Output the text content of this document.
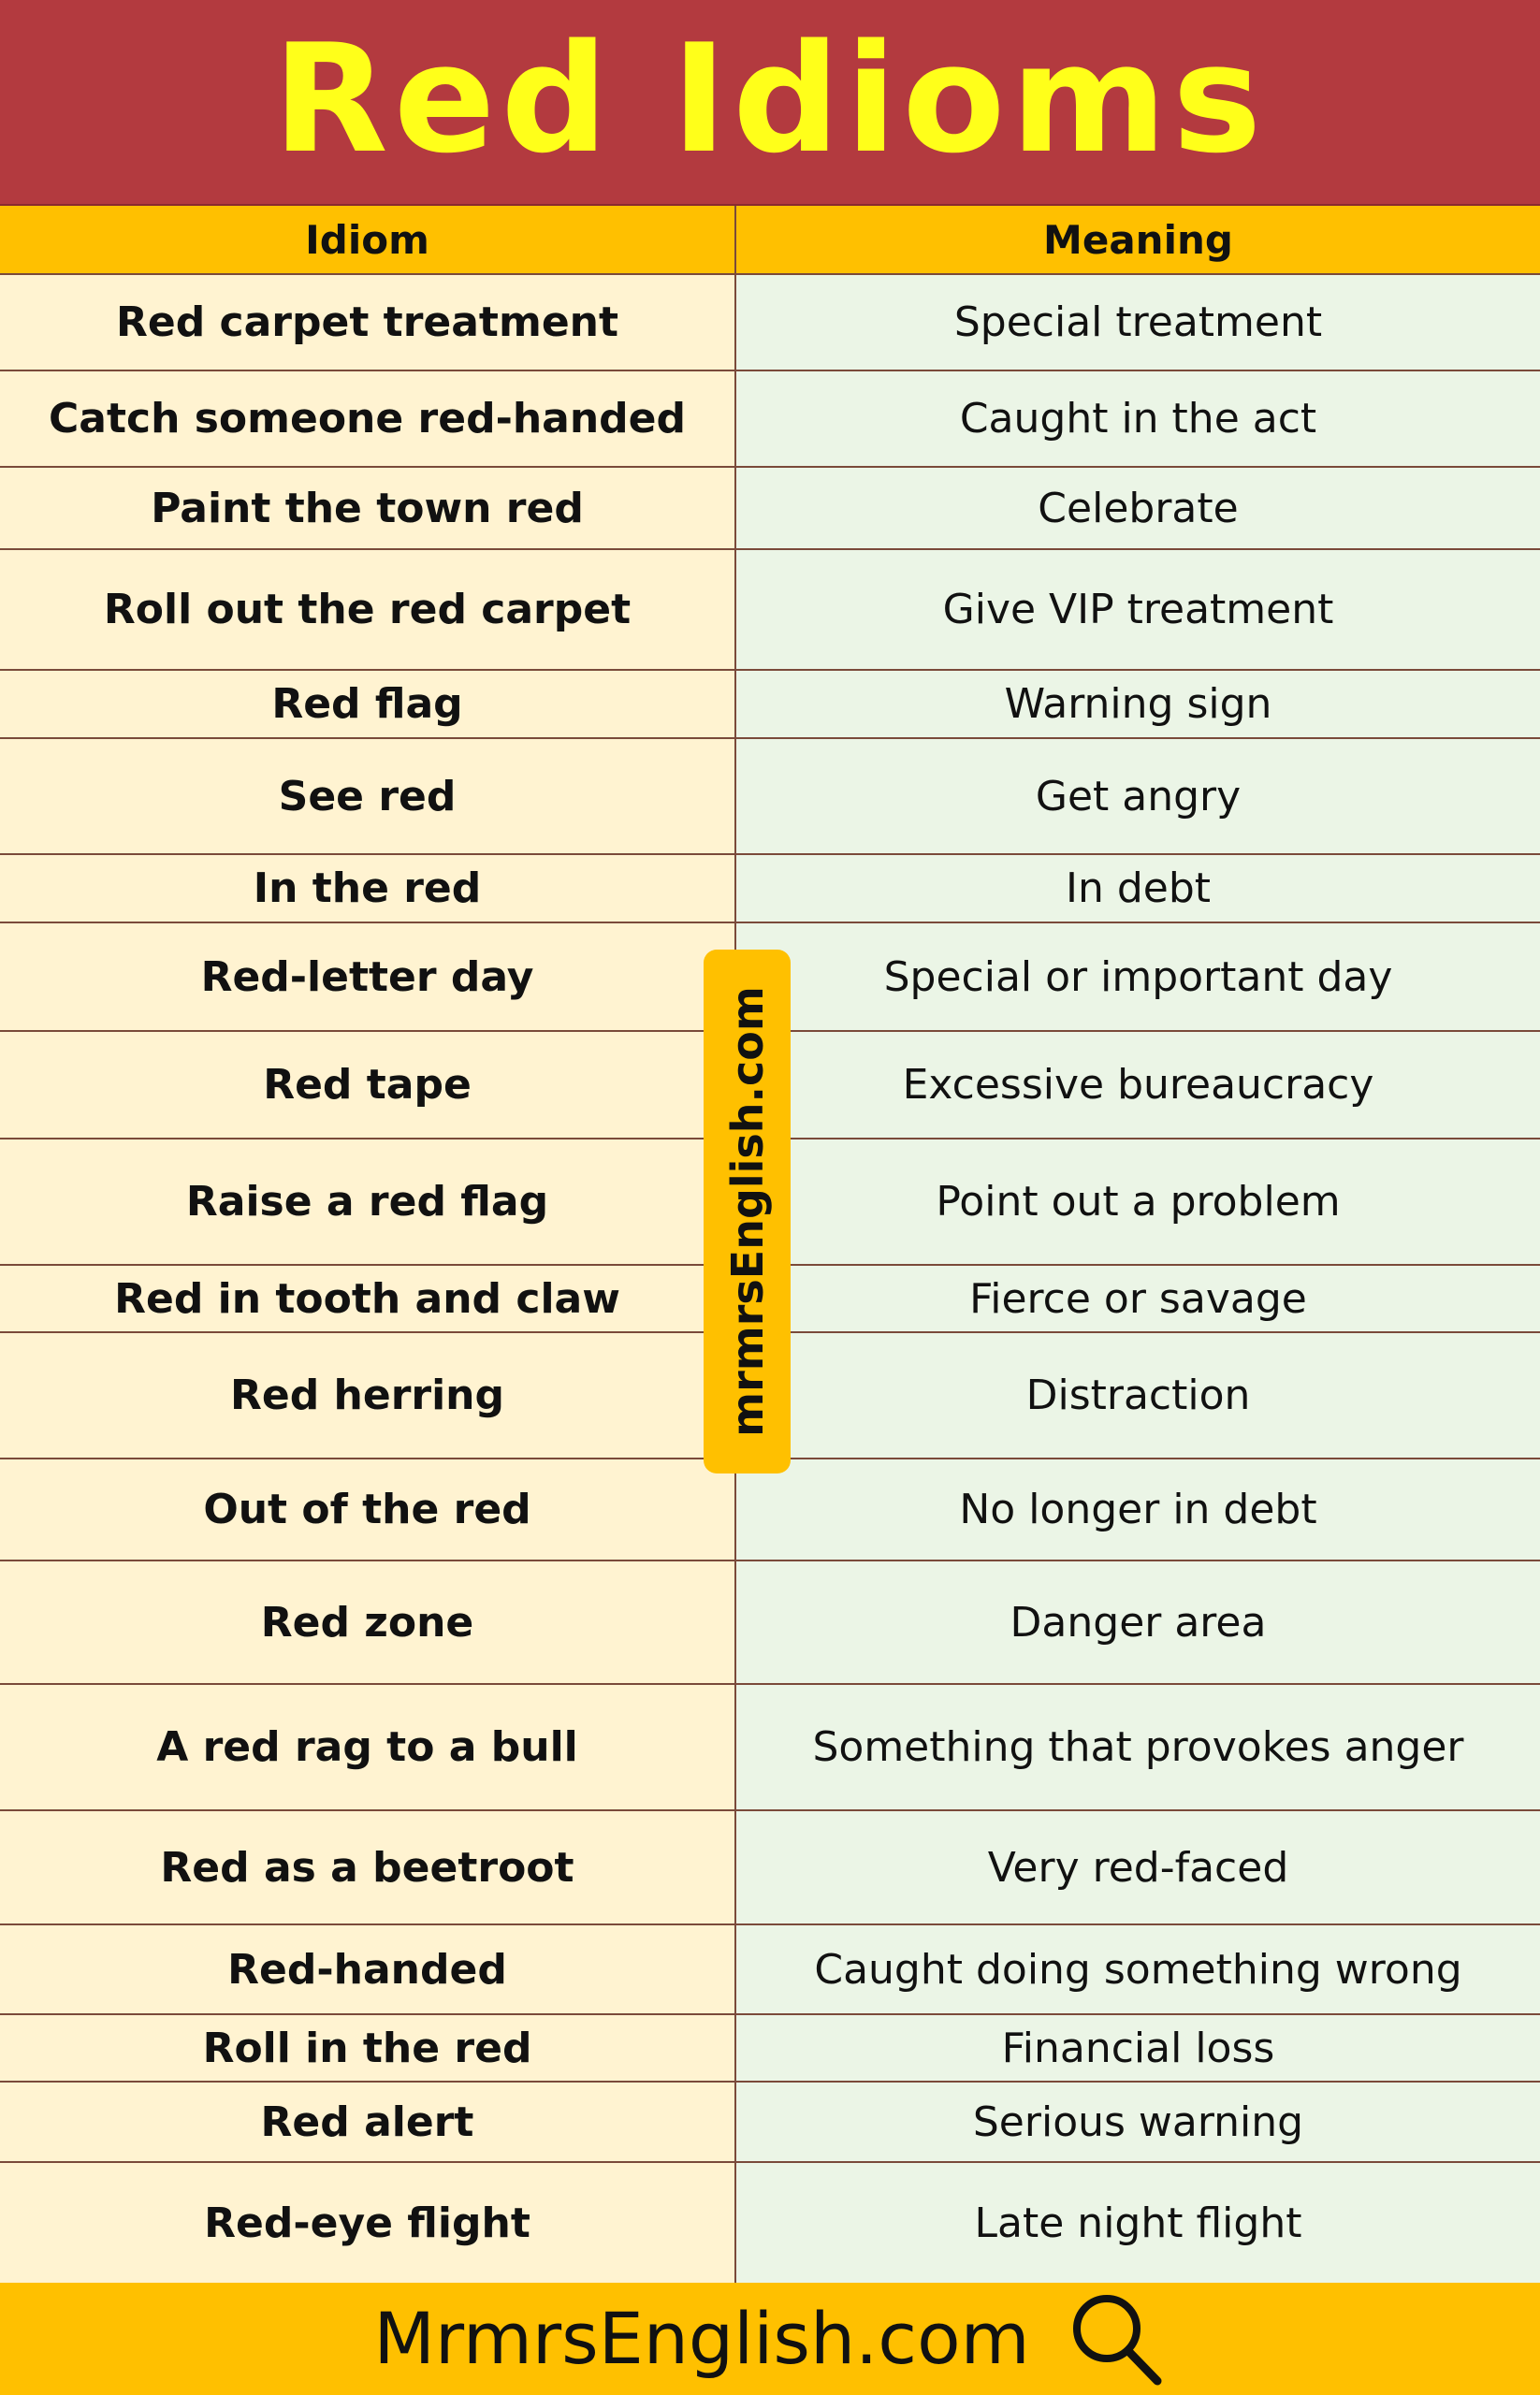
Red Idioms
Idiom	Meaning
Red carpet treatment	Special treatment
Catch someone red-handed	Caught in the act
Paint the town red	Celebrate
Roll out the red carpet	Give VIP treatment
Red flag	Warning sign
See red	Get angry
In the red	In debt
Red-letter day	Special or important day
Red tape	Excessive bureaucracy
Raise a red flag	Point out a problem
Red in tooth and claw	Fierce or savage
Red herring	Distraction
Out of the red	No longer in debt
Red zone	Danger area
A red rag to a bull	Something that provokes anger
Red as a beetroot	Very red-faced
Red-handed	Caught doing something wrong
Roll in the red	Financial loss
Red alert	Serious warning
Red-eye flight	Late night flight
mrmrsEnglish.com
MrmrsEnglish.com
